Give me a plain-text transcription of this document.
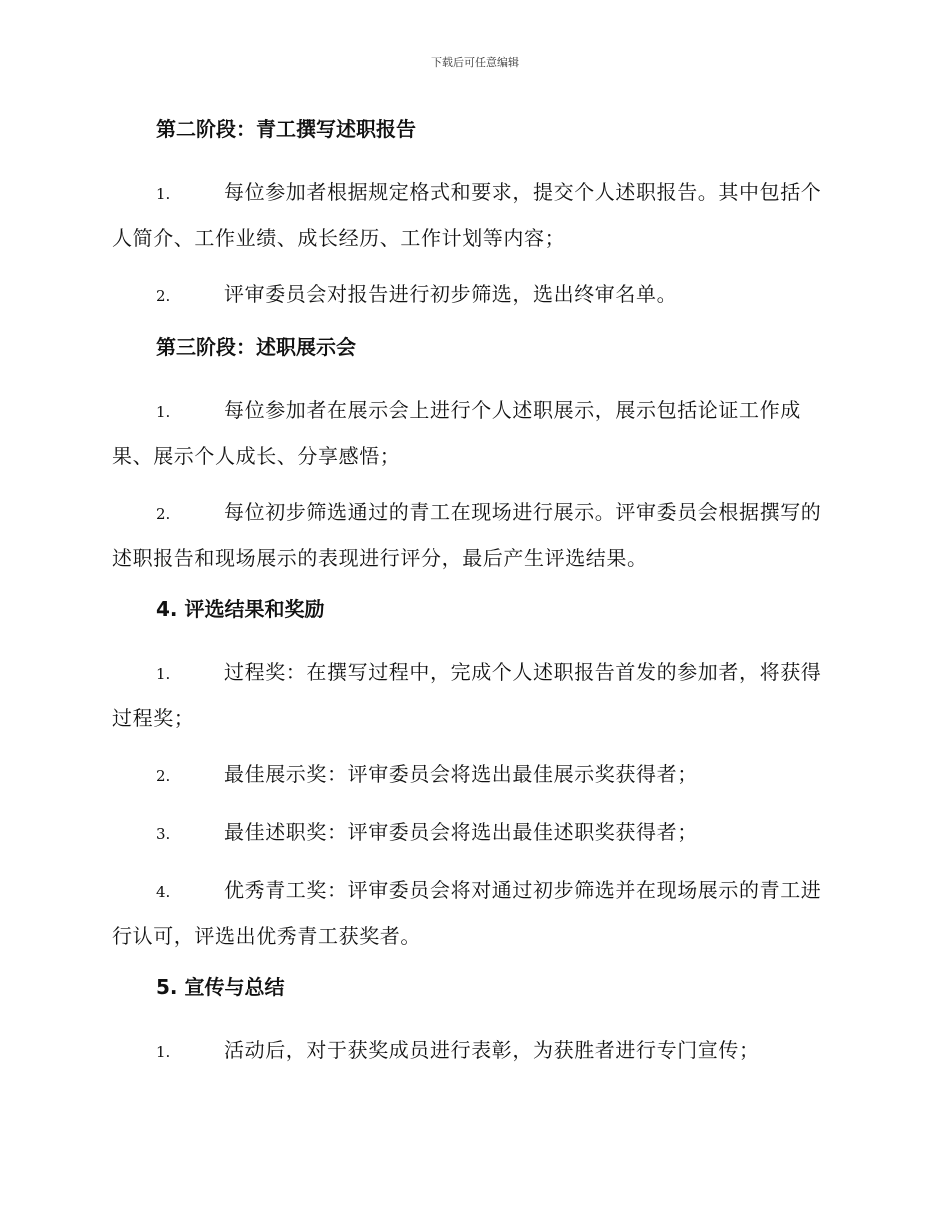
下载后可任意编辑

第二阶段：青工撰写述职报告

1.	每位参加者根据规定格式和要求，提交个人述职报告。其中包括个人简介、工作业绩、成长经历、工作计划等内容；

2.	评审委员会对报告进行初步筛选，选出终审名单。

第三阶段：述职展示会

1.	每位参加者在展示会上进行个人述职展示，展示包括论证工作成果、展示个人成长、分享感悟；

2.	每位初步筛选通过的青工在现场进行展示。评审委员会根据撰写的述职报告和现场展示的表现进行评分，最后产生评选结果。

4. 评选结果和奖励

1.	过程奖：在撰写过程中，完成个人述职报告首发的参加者，将获得过程奖；

2.	最佳展示奖：评审委员会将选出最佳展示奖获得者；

3.	最佳述职奖：评审委员会将选出最佳述职奖获得者；

4.	优秀青工奖：评审委员会将对通过初步筛选并在现场展示的青工进行认可，评选出优秀青工获奖者。

5. 宣传与总结

1.	活动后，对于获奖成员进行表彰，为获胜者进行专门宣传；
